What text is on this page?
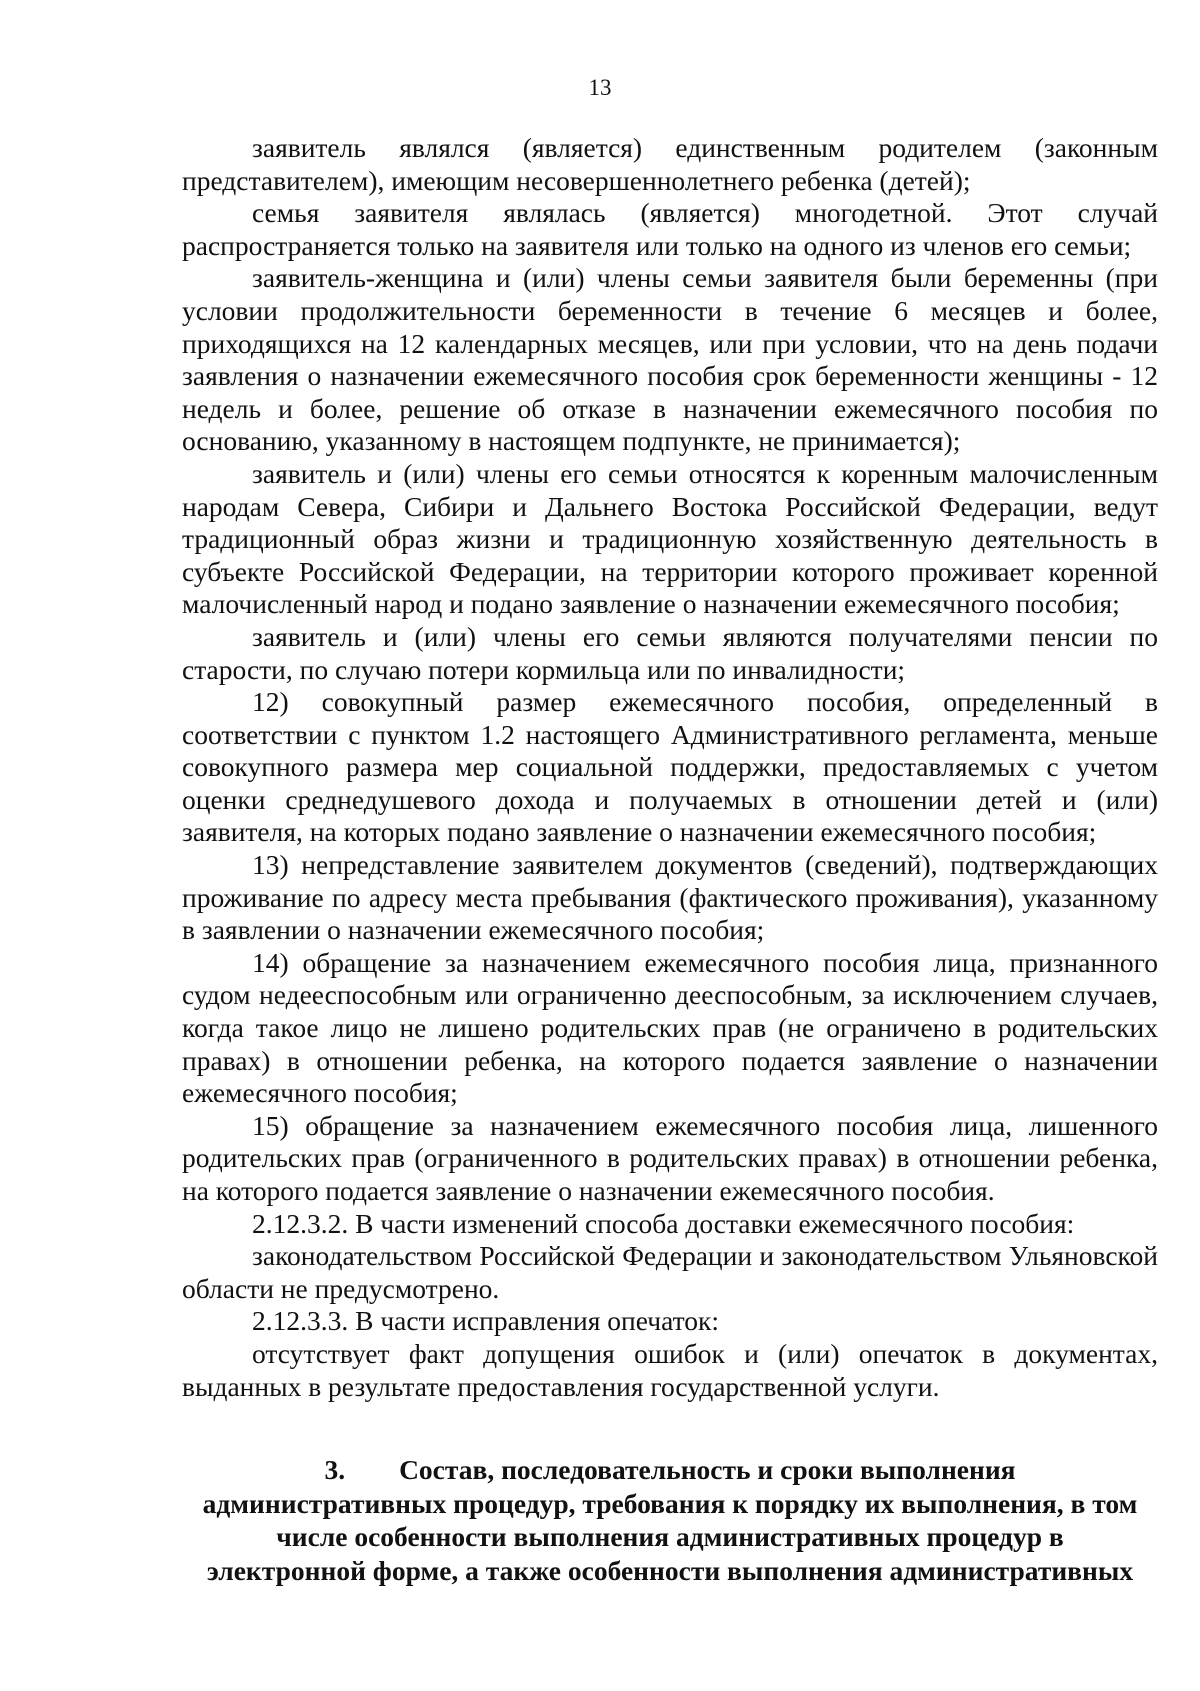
13

заявитель являлся (является) единственным родителем (законным представителем), имеющим несовершеннолетнего ребенка (детей);

семья заявителя являлась (является) многодетной. Этот случай распространяется только на заявителя или только на одного из членов его семьи;

заявитель-женщина и (или) члены семьи заявителя были беременны (при условии продолжительности беременности в течение 6 месяцев и более, приходящихся на 12 календарных месяцев, или при условии, что на день подачи заявления о назначении ежемесячного пособия срок беременности женщины - 12 недель и более, решение об отказе в назначении ежемесячного пособия по основанию, указанному в настоящем подпункте, не принимается);

заявитель и (или) члены его семьи относятся к коренным малочисленным народам Севера, Сибири и Дальнего Востока Российской Федерации, ведут традиционный образ жизни и традиционную хозяйственную деятельность в субъекте Российской Федерации, на территории которого проживает коренной малочисленный народ и подано заявление о назначении ежемесячного пособия;

заявитель и (или) члены его семьи являются получателями пенсии по старости, по случаю потери кормильца или по инвалидности;

12) совокупный размер ежемесячного пособия, определенный в соответствии с пунктом 1.2 настоящего Административного регламента, меньше совокупного размера мер социальной поддержки, предоставляемых с учетом оценки среднедушевого дохода и получаемых в отношении детей и (или) заявителя, на которых подано заявление о назначении ежемесячного пособия;

13) непредставление заявителем документов (сведений), подтверждающих проживание по адресу места пребывания (фактического проживания), указанному в заявлении о назначении ежемесячного пособия;

14) обращение за назначением ежемесячного пособия лица, признанного судом недееспособным или ограниченно дееспособным, за исключением случаев, когда такое лицо не лишено родительских прав (не ограничено в родительских правах) в отношении ребенка, на которого подается заявление о назначении ежемесячного пособия;

15) обращение за назначением ежемесячного пособия лица, лишенного родительских прав (ограниченного в родительских правах) в отношении ребенка, на которого подается заявление о назначении ежемесячного пособия.

2.12.3.2. В части изменений способа доставки ежемесячного пособия:

законодательством Российской Федерации и законодательством Ульяновской области не предусмотрено.

2.12.3.3. В части исправления опечаток:

отсутствует факт допущения ошибок и (или) опечаток в документах, выданных в результате предоставления государственной услуги.

3. Состав, последовательность и сроки выполнения

административных процедур, требования к порядку их выполнения, в том

числе особенности выполнения административных процедур в

электронной форме, а также особенности выполнения административных
